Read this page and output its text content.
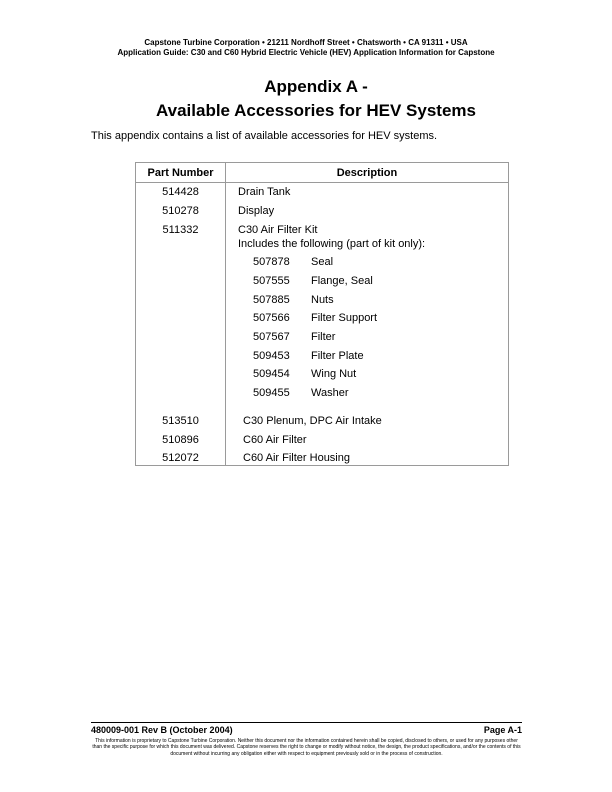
Capstone Turbine Corporation • 21211 Nordhoff Street • Chatsworth • CA 91311 • USA
Application Guide: C30 and C60 Hybrid Electric Vehicle (HEV) Application Information for Capstone
Appendix A -
Available Accessories for HEV Systems
This appendix contains a list of available accessories for HEV systems.
Part Number	Description
514428	Drain Tank
510278	Display
511332	C30 Air Filter Kit
Includes the following (part of kit only):
507878 Seal
507555 Flange, Seal
507885 Nuts
507566 Filter Support
507567 Filter
509453 Filter Plate
509454 Wing Nut
509455 Washer
513510	C30 Plenum, DPC Air Intake
510896	C60 Air Filter
512072	C60 Air Filter Housing
480009-001 Rev B (October 2004)	Page A-1
This information is proprietary to Capstone Turbine Corporation. Neither this document nor the information contained herein shall be copied, disclosed to others, or used for any purposes other than the specific purpose for which this document was delivered. Capstone reserves the right to change or modify without notice, the design, the product specifications, and/or the contents of this document without incurring any obligation either with respect to equipment previously sold or in the process of construction.
